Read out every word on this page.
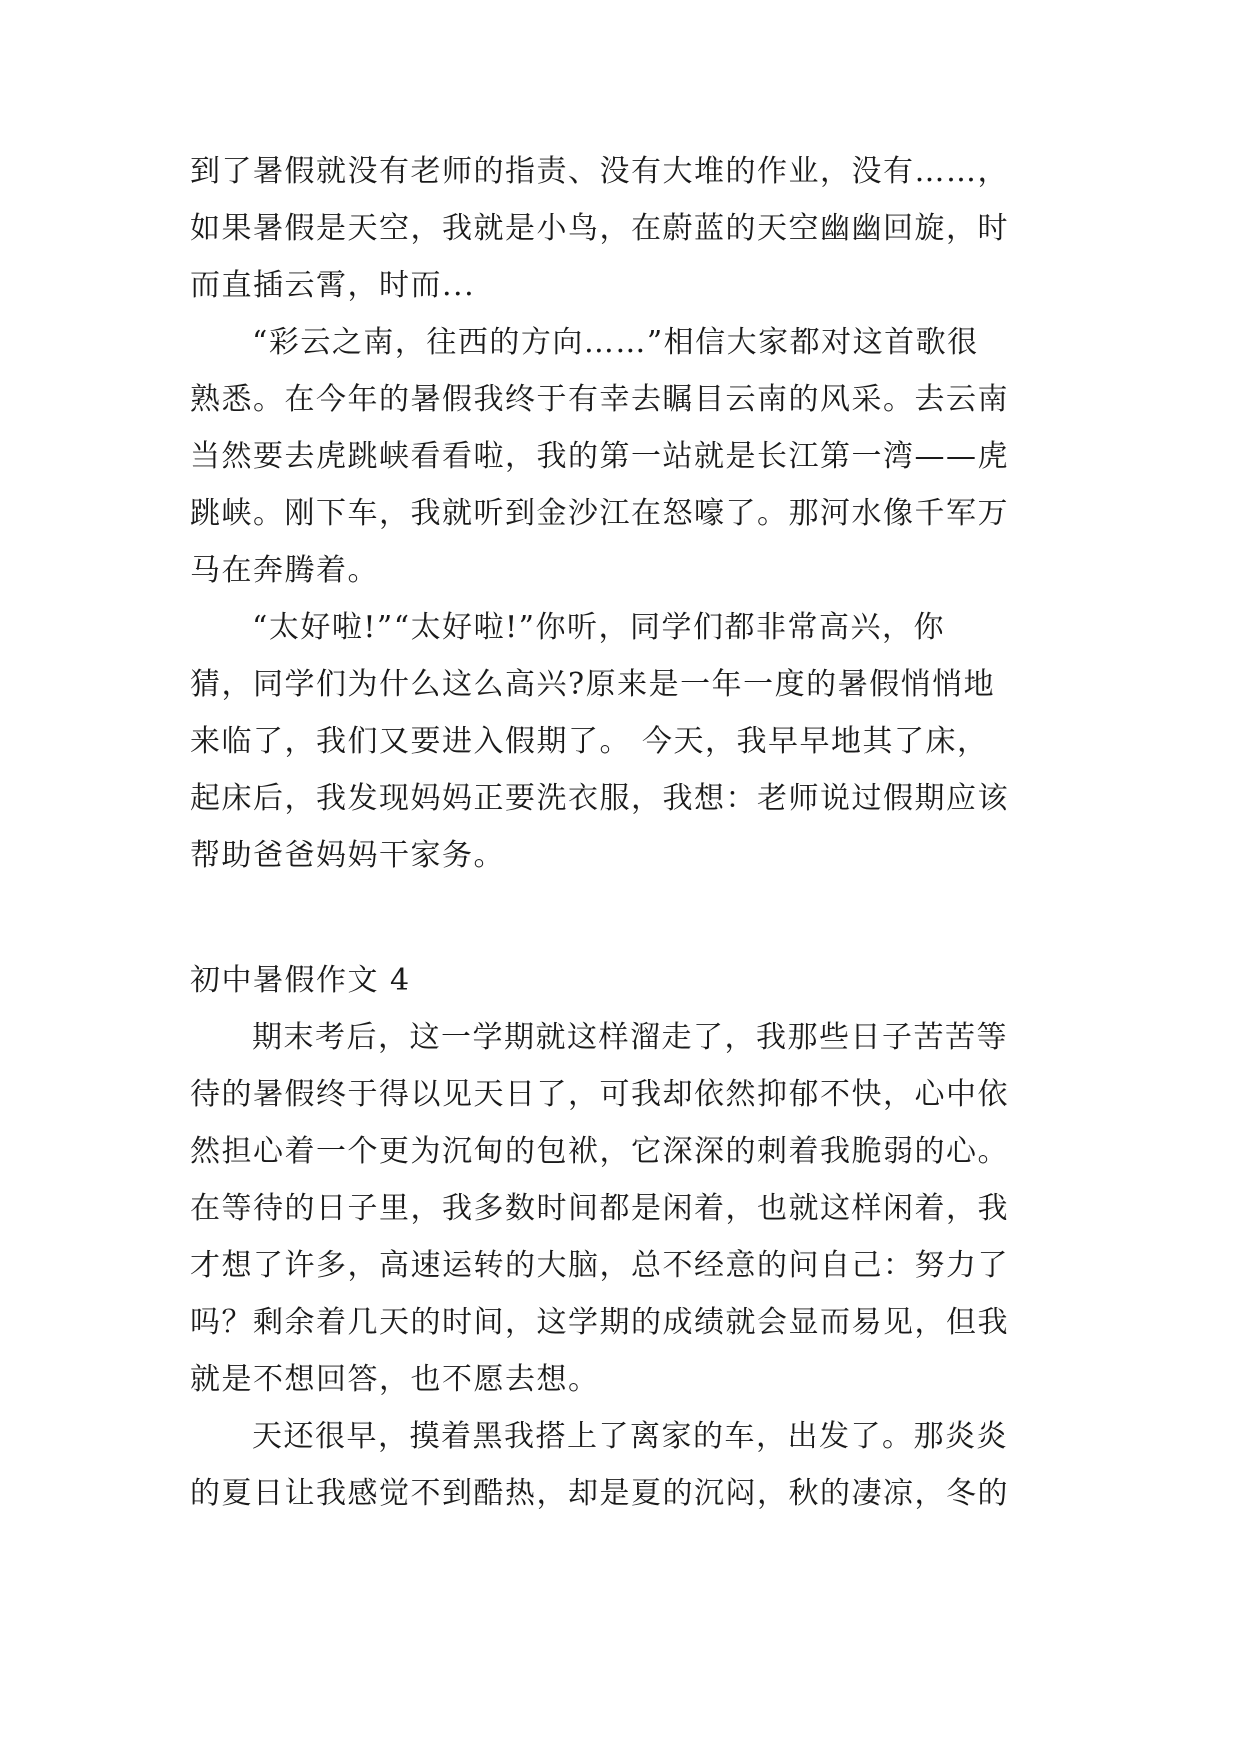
到了暑假就没有老师的指责、没有大堆的作业，没有……，
如果暑假是天空，我就是小鸟，在蔚蓝的天空幽幽回旋，时
而直插云霄，时而...
“彩云之南，往西的方向……”相信大家都对这首歌很
熟悉。在今年的暑假我终于有幸去瞩目云南的风采。去云南
当然要去虎跳峡看看啦，我的第一站就是长江第一湾——虎
跳峡。刚下车，我就听到金沙江在怒嚎了。那河水像千军万
马在奔腾着。
“太好啦!”“太好啦!”你听，同学们都非常高兴，你
猜，同学们为什么这么高兴?原来是一年一度的暑假悄悄地
来临了，我们又要进入假期了。 今天，我早早地其了床，
起床后，我发现妈妈正要洗衣服，我想：老师说过假期应该
帮助爸爸妈妈干家务。
初中暑假作文 4
期末考后，这一学期就这样溜走了，我那些日子苦苦等
待的暑假终于得以见天日了，可我却依然抑郁不快，心中依
然担心着一个更为沉甸的包袱，它深深的刺着我脆弱的心。
在等待的日子里，我多数时间都是闲着，也就这样闲着，我
才想了许多，高速运转的大脑，总不经意的问自己：努力了
吗？剩余着几天的时间，这学期的成绩就会显而易见，但我
就是不想回答，也不愿去想。
天还很早，摸着黑我搭上了离家的车，出发了。那炎炎
的夏日让我感觉不到酷热，却是夏的沉闷，秋的凄凉，冬的
